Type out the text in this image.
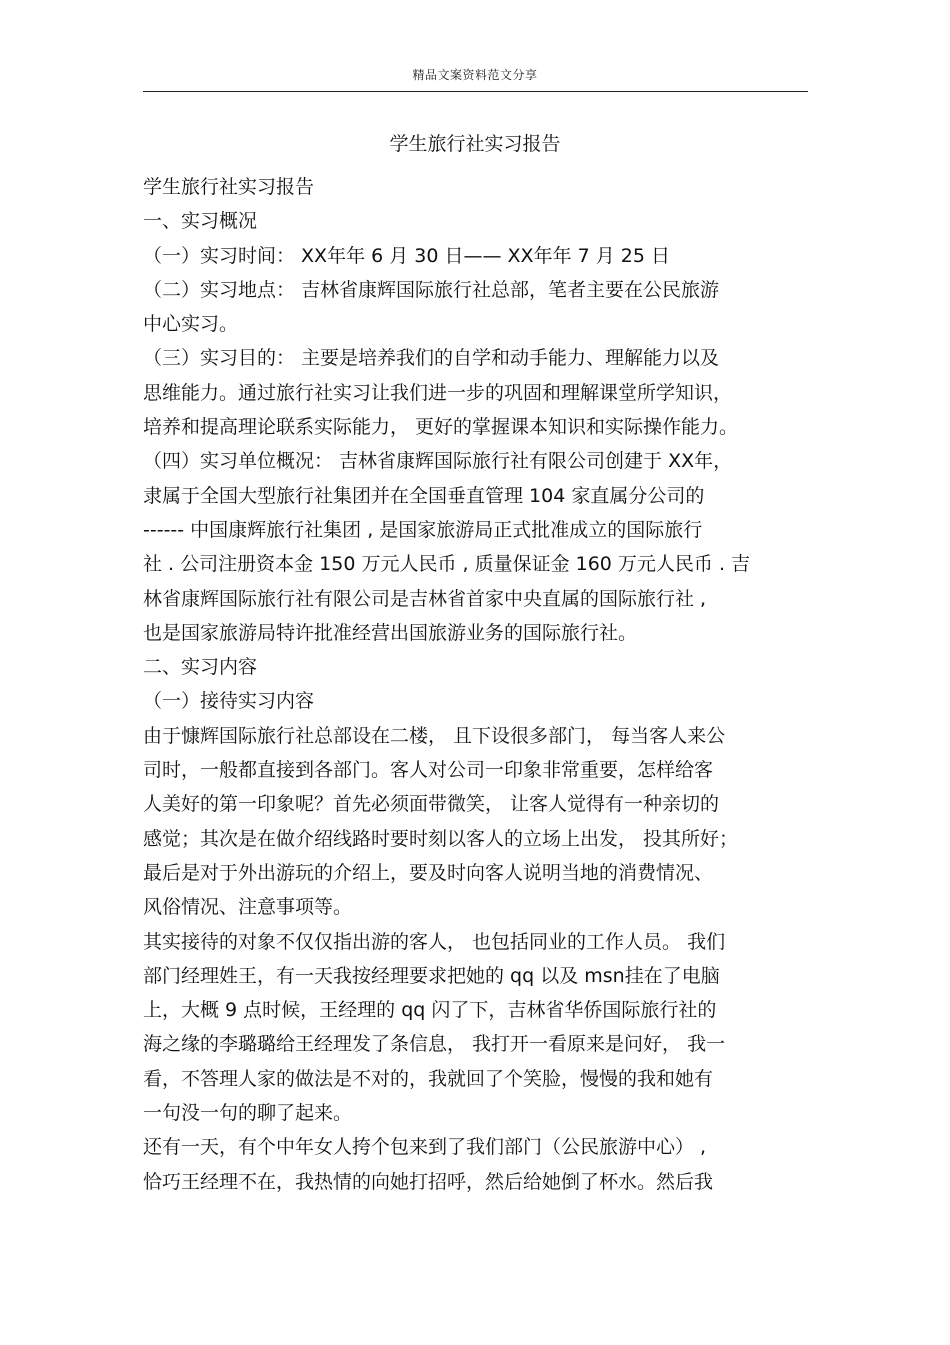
精品文案资料范文分享
学生旅行社实习报告
学生旅行社实习报告
一、实习概况
（一）实习时间： XX年年 6 月 30 日—— XX年年 7 月 25 日
（二）实习地点： 吉林省康辉国际旅行社总部，笔者主要在公民旅游
中心实习。
（三）实习目的： 主要是培养我们的自学和动手能力、理解能力以及
思维能力。通过旅行社实习让我们进一步的巩固和理解课堂所学知识，
培养和提高理论联系实际能力， 更好的掌握课本知识和实际操作能力。
（四）实习单位概况： 吉林省康辉国际旅行社有限公司创建于 XX年，
隶属于全国大型旅行社集团并在全国垂直管理 104 家直属分公司的
------ 中国康辉旅行社集团 , 是国家旅游局正式批准成立的国际旅行
社 . 公司注册资本金 150 万元人民币 , 质量保证金 160 万元人民币 . 吉
林省康辉国际旅行社有限公司是吉林省首家中央直属的国际旅行社 ,
也是国家旅游局特许批准经营出国旅游业务的国际旅行社。
二、实习内容
（一）接待实习内容
由于慷辉国际旅行社总部设在二楼， 且下设很多部门， 每当客人来公
司时，一般都直接到各部门。客人对公司一印象非常重要，怎样给客
人美好的第一印象呢？首先必须面带微笑， 让客人觉得有一种亲切的
感觉；其次是在做介绍线路时要时刻以客人的立场上出发， 投其所好；
最后是对于外出游玩的介绍上，要及时向客人说明当地的消费情况、
风俗情况、注意事项等。
其实接待的对象不仅仅指出游的客人， 也包括同业的工作人员。 我们
部门经理姓王，有一天我按经理要求把她的 qq 以及 msn挂在了电脑
上，大概 9 点时候，王经理的 qq 闪了下，吉林省华侨国际旅行社的
海之缘的李璐璐给王经理发了条信息， 我打开一看原来是问好， 我一
看，不答理人家的做法是不对的，我就回了个笑脸，慢慢的我和她有
一句没一句的聊了起来。
还有一天，有个中年女人挎个包来到了我们部门（公民旅游中心） ,
恰巧王经理不在，我热情的向她打招呼，然后给她倒了杯水。然后我
